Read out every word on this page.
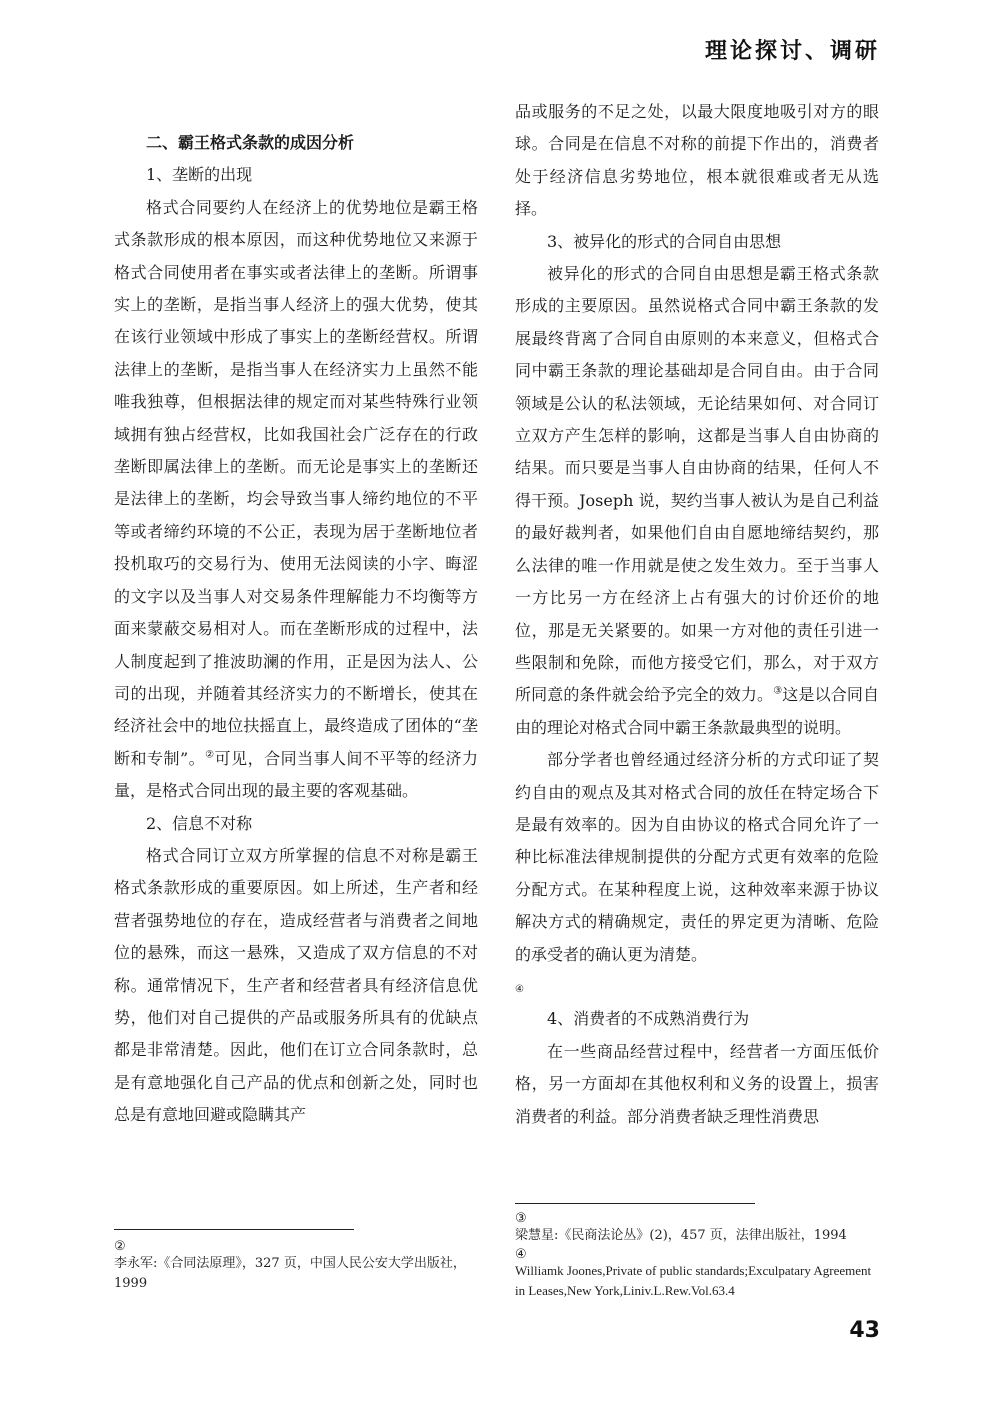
理论探讨、调研

二、霸王格式条款的成因分析

1、垄断的出现

格式合同要约人在经济上的优势地位是霸王格式条款形成的根本原因，而这种优势地位又来源于格式合同使用者在事实或者法律上的垄断。所谓事实上的垄断，是指当事人经济上的强大优势，使其在该行业领域中形成了事实上的垄断经营权。所谓法律上的垄断，是指当事人在经济实力上虽然不能唯我独尊，但根据法律的规定而对某些特殊行业领域拥有独占经营权，比如我国社会广泛存在的行政垄断即属法律上的垄断。而无论是事实上的垄断还是法律上的垄断，均会导致当事人缔约地位的不平等或者缔约环境的不公正，表现为居于垄断地位者投机取巧的交易行为、使用无法阅读的小字、晦涩的文字以及当事人对交易条件理解能力不均衡等方面来蒙蔽交易相对人。而在垄断形成的过程中，法人制度起到了推波助澜的作用，正是因为法人、公司的出现，并随着其经济实力的不断增长，使其在经济社会中的地位扶摇直上，最终造成了团体的“垄断和专制”。②可见，合同当事人间不平等的经济力量，是格式合同出现的最主要的客观基础。

2、信息不对称

格式合同订立双方所掌握的信息不对称是霸王格式条款形成的重要原因。如上所述，生产者和经营者强势地位的存在，造成经营者与消费者之间地位的悬殊，而这一悬殊，又造成了双方信息的不对称。通常情况下，生产者和经营者具有经济信息优势，他们对自己提供的产品或服务所具有的优缺点都是非常清楚。因此，他们在订立合同条款时，总是有意地强化自己产品的优点和创新之处，同时也总是有意地回避或隐瞒其产

②
李永军:《合同法原理》，327 页，中国人民公安大学出版社，1999

品或服务的不足之处，以最大限度地吸引对方的眼球。合同是在信息不对称的前提下作出的，消费者处于经济信息劣势地位，根本就很难或者无从选择。

3、被异化的形式的合同自由思想

被异化的形式的合同自由思想是霸王格式条款形成的主要原因。虽然说格式合同中霸王条款的发展最终背离了合同自由原则的本来意义，但格式合同中霸王条款的理论基础却是合同自由。由于合同领域是公认的私法领域，无论结果如何、对合同订立双方产生怎样的影响，这都是当事人自由协商的结果。而只要是当事人自由协商的结果，任何人不得干预。Joseph 说，契约当事人被认为是自己利益的最好裁判者，如果他们自由自愿地缔结契约，那么法律的唯一作用就是使之发生效力。至于当事人一方比另一方在经济上占有强大的讨价还价的地位，那是无关紧要的。如果一方对他的责任引进一些限制和免除，而他方接受它们，那么，对于双方所同意的条件就会给予完全的效力。③这是以合同自由的理论对格式合同中霸王条款最典型的说明。

部分学者也曾经通过经济分析的方式印证了契约自由的观点及其对格式合同的放任在特定场合下是最有效率的。因为自由协议的格式合同允许了一种比标准法律规制提供的分配方式更有效率的危险分配方式。在某种程度上说，这种效率来源于协议解决方式的精确规定，责任的界定更为清晰、危险的承受者的确认更为清楚。
④

4、消费者的不成熟消费行为

在一些商品经营过程中，经营者一方面压低价格，另一方面却在其他权利和义务的设置上，损害消费者的利益。部分消费者缺乏理性消费思

③
梁慧星:《民商法论丛》(2)，457 页，法律出版社，1994
④
Williamk Joones,Private of public standards;Exculpatary Agreement in Leases,New York,Liniv.L.Rew.Vol.63.4
43
